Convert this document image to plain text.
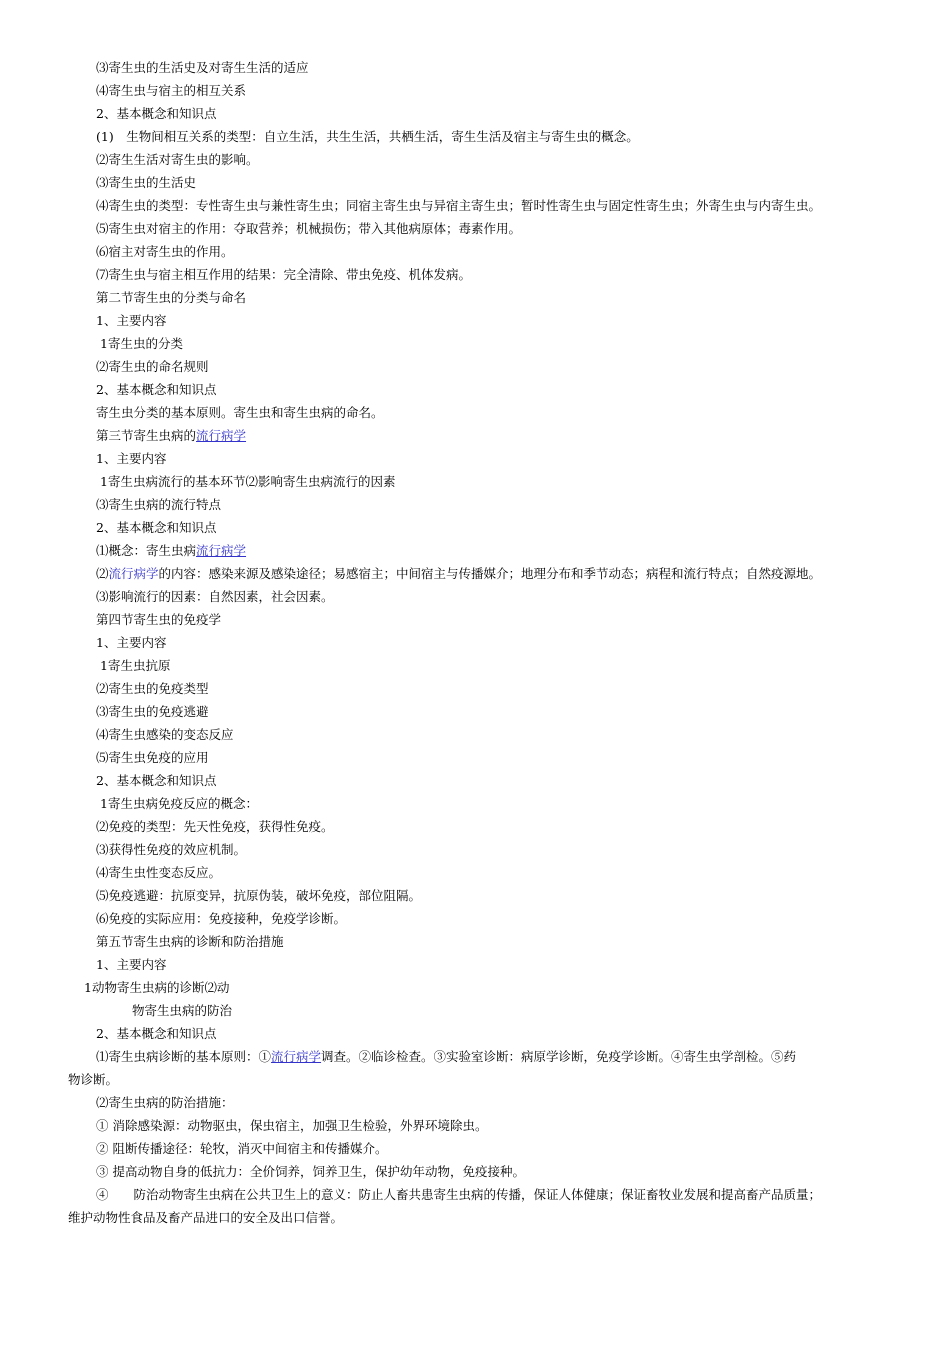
⑶寄生虫的生活史及对寄生生活的适应
⑷寄生虫与宿主的相互关系
2、基本概念和知识点
(1)　生物间相互关系的类型：自立生活，共生生活，共栖生活，寄生生活及宿主与寄生虫的概念。
⑵寄生生活对寄生虫的影响。
⑶寄生虫的生活史
⑷寄生虫的类型：专性寄生虫与兼性寄生虫；同宿主寄生虫与异宿主寄生虫；暂时性寄生虫与固定性寄生虫；外寄生虫与内寄生虫。
⑸寄生虫对宿主的作用：夺取营养；机械损伤；带入其他病原体；毒素作用。
⑹宿主对寄生虫的作用。
⑺寄生虫与宿主相互作用的结果：完全清除、带虫免疫、机体发病。
第二节寄生虫的分类与命名
1、主要内容
1寄生虫的分类
⑵寄生虫的命名规则
2、基本概念和知识点
寄生虫分类的基本原则。寄生虫和寄生虫病的命名。
第三节寄生虫病的流行病学
1、主要内容
1寄生虫病流行的基本环节⑵影响寄生虫病流行的因素
⑶寄生虫病的流行特点
2、基本概念和知识点
⑴概念：寄生虫病流行病学
⑵流行病学的内容：感染来源及感染途径；易感宿主；中间宿主与传播媒介；地理分布和季节动态；病程和流行特点；自然疫源地。
⑶影响流行的因素：自然因素，社会因素。
第四节寄生虫的免疫学
1、主要内容
1寄生虫抗原
⑵寄生虫的免疫类型
⑶寄生虫的免疫逃避
⑷寄生虫感染的变态反应
⑸寄生虫免疫的应用
2、基本概念和知识点
1寄生虫病免疫反应的概念：
⑵免疫的类型：先天性免疫，获得性免疫。
⑶获得性免疫的效应机制。
⑷寄生虫性变态反应。
⑸免疫逃避：抗原变异，抗原伪装，破坏免疫，部位阻隔。
⑹免疫的实际应用：免疫接种，免疫学诊断。
第五节寄生虫病的诊断和防治措施
1、主要内容
1动物寄生虫病的诊断⑵动
物寄生虫病的防治
2、基本概念和知识点
⑴寄生虫病诊断的基本原则：①流行病学调查。②临诊检查。③实验室诊断：病原学诊断，免疫学诊断。④寄生虫学剖检。⑤药
物诊断。
⑵寄生虫病的防治措施：
① 消除感染源：动物驱虫，保虫宿主，加强卫生检验，外界环境除虫。
② 阻断传播途径：轮牧，消灭中间宿主和传播媒介。
③ 提高动物自身的低抗力：全价饲养，饲养卫生，保护幼年动物，免疫接种。
④　　防治动物寄生虫病在公共卫生上的意义：防止人畜共患寄生虫病的传播，保证人体健康；保证畜牧业发展和提高畜产品质量；
维护动物性食品及畜产品进口的安全及出口信誉。
